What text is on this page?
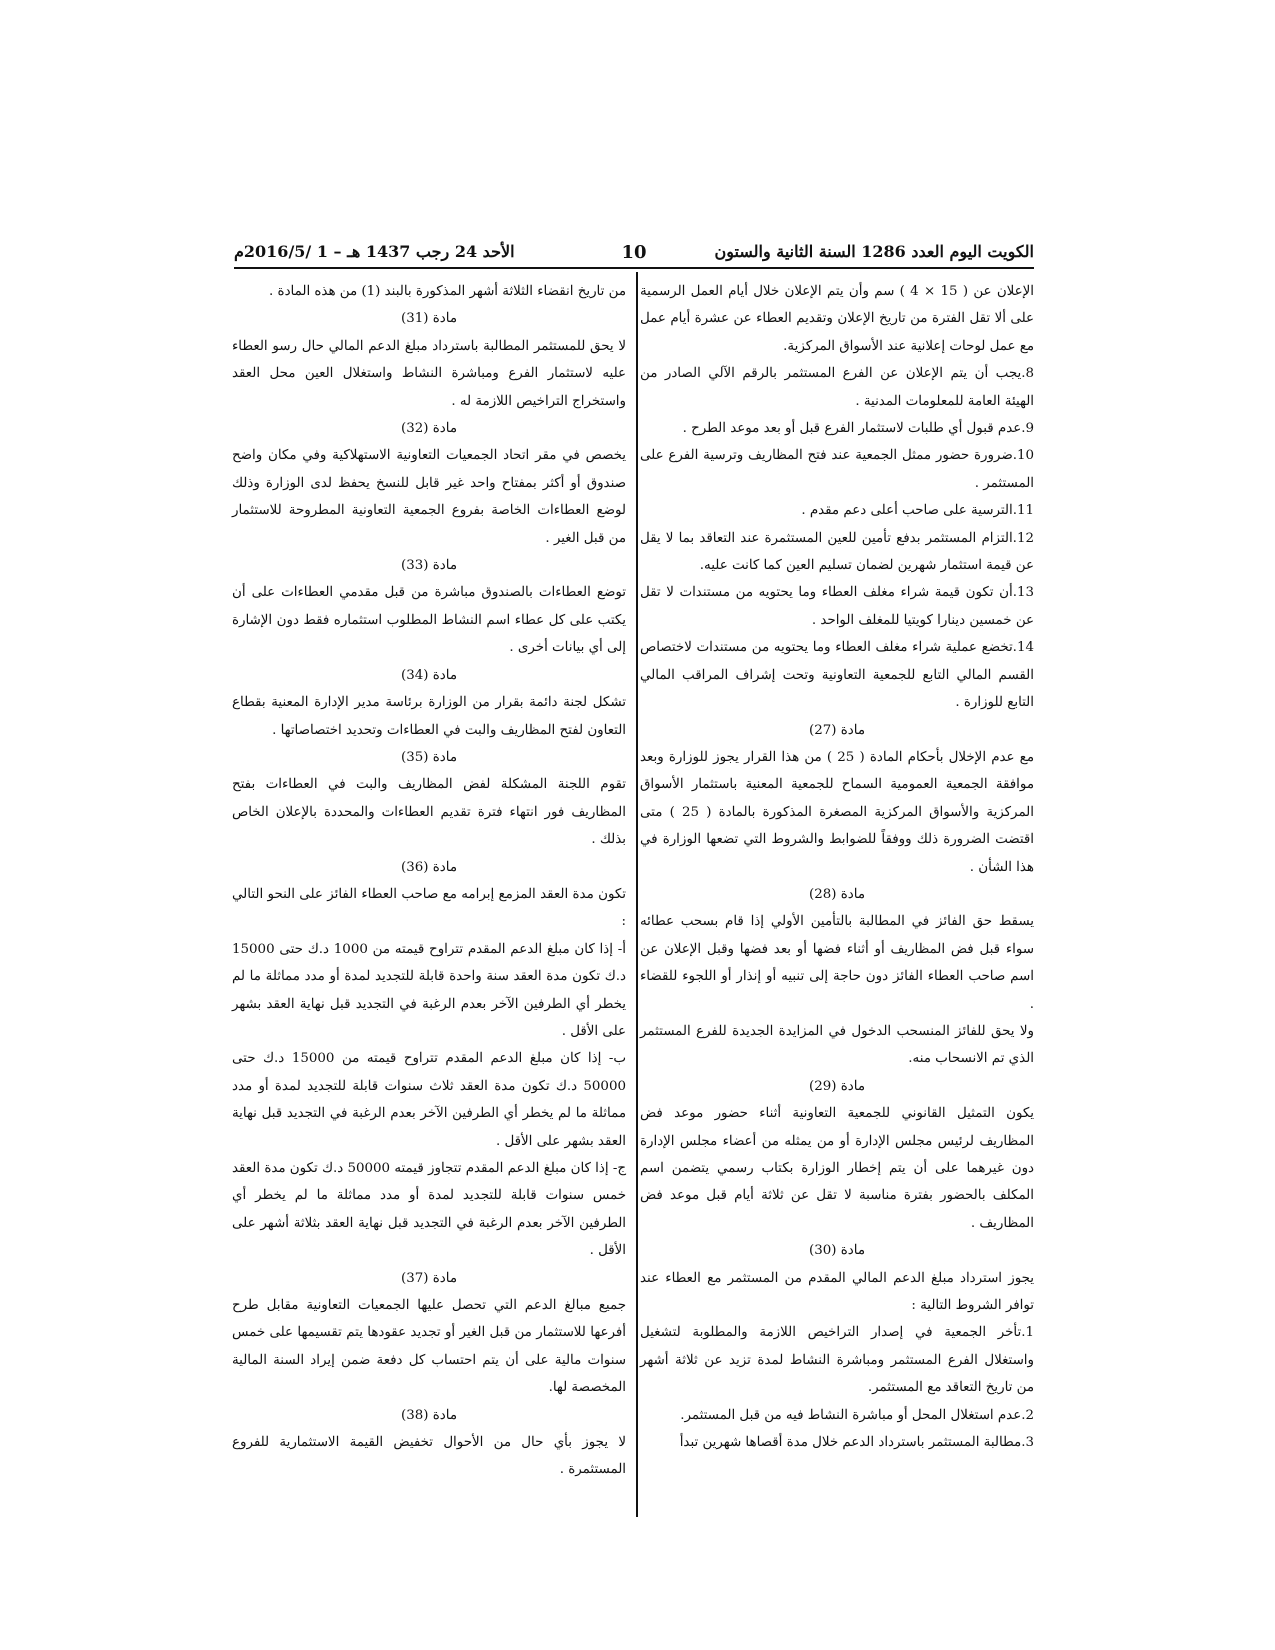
الكويت اليوم العدد 1286 السنة الثانية والستون
10
الأحد 24 رجب 1437 هـ – 1 /2016/5م

الإعلان عن ( 15 × 4 ) سم وأن يتم الإعلان خلال أيام العمل الرسمية على ألا تقل الفترة من تاريخ الإعلان وتقديم العطاء عن عشرة أيام عمل مع عمل لوحات إعلانية عند الأسواق المركزية.

8.يجب أن يتم الإعلان عن الفرع المستثمر بالرقم الآلي الصادر من الهيئة العامة للمعلومات المدنية .

9.عدم قبول أي طلبات لاستثمار الفرع قبل أو بعد موعد الطرح .

10.ضرورة حضور ممثل الجمعية عند فتح المظاريف وترسية الفرع على المستثمر .

11.الترسية على صاحب أعلى دعم مقدم .

12.التزام المستثمر بدفع تأمين للعين المستثمرة عند التعاقد بما لا يقل عن قيمة استثمار شهرين لضمان تسليم العين كما كانت عليه.

13.أن تكون قيمة شراء مغلف العطاء وما يحتويه من مستندات لا تقل عن خمسين دينارا كويتيا للمغلف الواحد .

14.تخضع عملية شراء مغلف العطاء وما يحتويه من مستندات لاختصاص القسم المالي التابع للجمعية التعاونية وتحت إشراف المراقب المالي التابع للوزارة .

مادة (27)

مع عدم الإخلال بأحكام المادة ( 25 ) من هذا القرار يجوز للوزارة وبعد موافقة الجمعية العمومية السماح للجمعية المعنية باستثمار الأسواق المركزية والأسواق المركزية المصغرة المذكورة بالمادة ( 25 ) متى اقتضت الضرورة ذلك ووفقاً للضوابط والشروط التي تضعها الوزارة في هذا الشأن .

مادة (28)

يسقط حق الفائز في المطالبة بالتأمين الأولي إذا قام بسحب عطائه سواء قبل فض المظاريف أو أثناء فضها أو بعد فضها وقبل الإعلان عن اسم صاحب العطاء الفائز دون حاجة إلى تنبيه أو إنذار أو اللجوء للقضاء .

ولا يحق للفائز المنسحب الدخول في المزايدة الجديدة للفرع المستثمر الذي تم الانسحاب منه.

مادة (29)

يكون التمثيل القانوني للجمعية التعاونية أثناء حضور موعد فض المظاريف لرئيس مجلس الإدارة أو من يمثله من أعضاء مجلس الإدارة دون غيرهما على أن يتم إخطار الوزارة بكتاب رسمي يتضمن اسم المكلف بالحضور بفترة مناسبة لا تقل عن ثلاثة أيام قبل موعد فض المظاريف .

مادة (30)

يجوز استرداد مبلغ الدعم المالي المقدم من المستثمر مع العطاء عند توافر الشروط التالية :

1.تأخر الجمعية في إصدار التراخيص اللازمة والمطلوبة لتشغيل واستغلال الفرع المستثمر ومباشرة النشاط لمدة تزيد عن ثلاثة أشهر من تاريخ التعاقد مع المستثمر.

2.عدم استغلال المحل أو مباشرة النشاط فيه من قبل المستثمر.

3.مطالبة المستثمر باسترداد الدعم خلال مدة أقصاها شهرين تبدأ

من تاريخ انقضاء الثلاثة أشهر المذكورة بالبند (1) من هذه المادة .

مادة (31)

لا يحق للمستثمر المطالبة باسترداد مبلغ الدعم المالي حال رسو العطاء عليه لاستثمار الفرع ومباشرة النشاط واستغلال العين محل العقد واستخراج التراخيص اللازمة له .

مادة (32)

يخصص في مقر اتحاد الجمعيات التعاونية الاستهلاكية وفي مكان واضح صندوق أو أكثر بمفتاح واحد غير قابل للنسخ يحفظ لدى الوزارة وذلك لوضع العطاءات الخاصة بفروع الجمعية التعاونية المطروحة للاستثمار من قبل الغير .

مادة (33)

توضع العطاءات بالصندوق مباشرة من قبل مقدمي العطاءات على أن يكتب على كل عطاء اسم النشاط المطلوب استثماره فقط دون الإشارة إلى أي بيانات أخرى .

مادة (34)

تشكل لجنة دائمة بقرار من الوزارة برئاسة مدير الإدارة المعنية بقطاع التعاون لفتح المظاريف والبت في العطاءات وتحديد اختصاصاتها .

مادة (35)

تقوم اللجنة المشكلة لفض المظاريف والبت في العطاءات بفتح المظاريف فور انتهاء فترة تقديم العطاءات والمحددة بالإعلان الخاص بذلك .

مادة (36)

تكون مدة العقد المزمع إبرامه مع صاحب العطاء الفائز على النحو التالي :

أ- إذا كان مبلغ الدعم المقدم تتراوح قيمته من 1000 د.ك حتى 15000 د.ك تكون مدة العقد سنة واحدة قابلة للتجديد لمدة أو مدد مماثلة ما لم يخطر أي الطرفين الآخر بعدم الرغبة في التجديد قبل نهاية العقد بشهر على الأقل .

ب- إذا كان مبلغ الدعم المقدم تتراوح قيمته من 15000 د.ك حتى 50000 د.ك تكون مدة العقد ثلاث سنوات قابلة للتجديد لمدة أو مدد مماثلة ما لم يخطر أي الطرفين الآخر بعدم الرغبة في التجديد قبل نهاية العقد بشهر على الأقل .

ج- إذا كان مبلغ الدعم المقدم تتجاوز قيمته 50000 د.ك تكون مدة العقد خمس سنوات قابلة للتجديد لمدة أو مدد مماثلة ما لم يخطر أي الطرفين الآخر بعدم الرغبة في التجديد قبل نهاية العقد بثلاثة أشهر على الأقل .

مادة (37)

جميع مبالغ الدعم التي تحصل عليها الجمعيات التعاونية مقابل طرح أفرعها للاستثمار من قبل الغير أو تجديد عقودها يتم تقسيمها على خمس سنوات مالية على أن يتم احتساب كل دفعة ضمن إيراد السنة المالية المخصصة لها.

مادة (38)

لا يجوز بأي حال من الأحوال تخفيض القيمة الاستثمارية للفروع المستثمرة .
